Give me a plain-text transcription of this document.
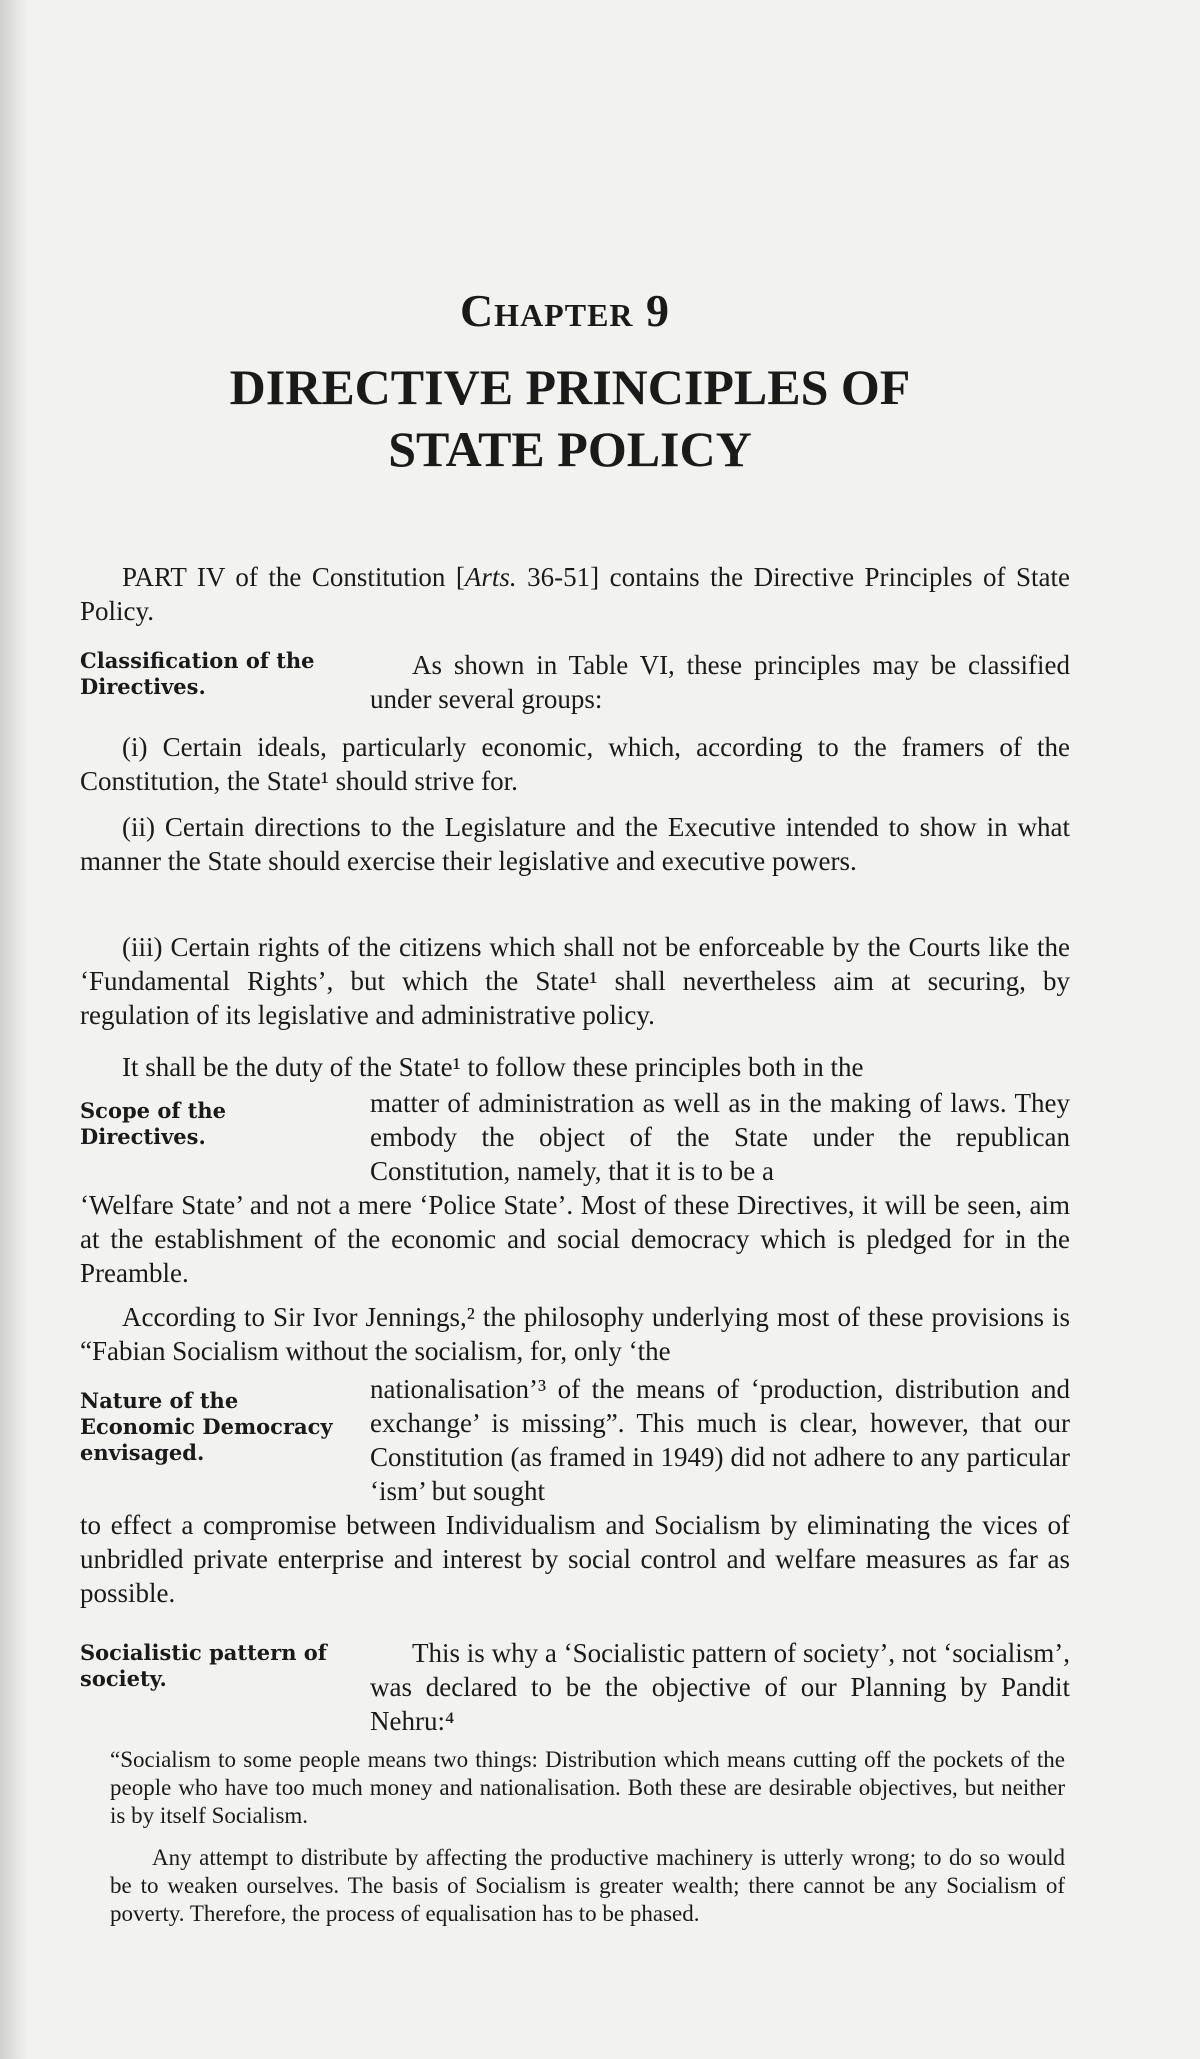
Chapter 9
DIRECTIVE PRINCIPLES OF
STATE POLICY

PART IV of the Constitution [Arts. 36-51] contains the Directive Principles of State Policy.

Classification of the Directives.

As shown in Table VI, these principles may be classified under several groups:

(i) Certain ideals, particularly economic, which, according to the framers of the Constitution, the State¹ should strive for.

(ii) Certain directions to the Legislature and the Executive intended to show in what manner the State should exercise their legislative and executive powers.

(iii) Certain rights of the citizens which shall not be enforceable by the Courts like the ‘Fundamental Rights’, but which the State¹ shall nevertheless aim at securing, by regulation of its legislative and administrative policy.

It shall be the duty of the State¹ to follow these principles both in the

Scope of the Directives.

matter of administration as well as in the making of laws. They embody the object of the State under the republican Constitution, namely, that it is to be a

‘Welfare State’ and not a mere ‘Police State’. Most of these Directives, it will be seen, aim at the establishment of the economic and social democracy which is pledged for in the Preamble.

According to Sir Ivor Jennings,² the philosophy underlying most of these provisions is “Fabian Socialism without the socialism, for, only ‘the

Nature of the Economic Democracy envisaged.

nationalisation’³ of the means of ‘production, distribution and exchange’ is missing”. This much is clear, however, that our Constitution (as framed in 1949) did not adhere to any particular ‘ism’ but sought

to effect a compromise between Individualism and Socialism by eliminating the vices of unbridled private enterprise and interest by social control and welfare measures as far as possible.

Socialistic pattern of society.

This is why a ‘Socialistic pattern of society’, not ‘socialism’, was declared to be the objective of our Planning by Pandit Nehru:⁴

“Socialism to some people means two things: Distribution which means cutting off the pockets of the people who have too much money and nationalisation. Both these are desirable objectives, but neither is by itself Socialism.

Any attempt to distribute by affecting the productive machinery is utterly wrong; to do so would be to weaken ourselves. The basis of Socialism is greater wealth; there cannot be any Socialism of poverty. Therefore, the process of equalisation has to be phased.
